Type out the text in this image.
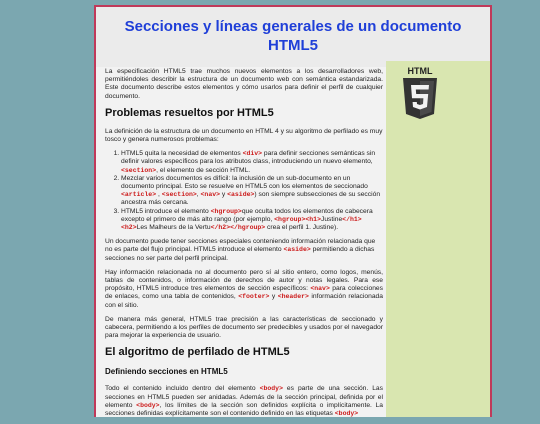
Secciones y líneas generales de un documento
HTML5

La especificación HTML5 trae muchos nuevos elementos a los desarrolladores web, permitiéndoles describir la estructura de un documento web con semántica estandarizada. Este documento describe estos elementos y cómo usarlos para definir el perfil de cualquier documento.

Problemas resueltos por HTML5

La definición de la estructura de un documento en HTML 4 y su algoritmo de perfilado es muy tosco y genera numerosos problemas:

1. HTML5 quita la necesidad de elementos <div> para definir secciones semánticas sin definir valores específicos para los atributos class, introduciendo un nuevo elemento, <section>, el elemento de sección HTML.
2. Mezclar varios documentos es difícil: la inclusión de un sub-documento en un documento principal. Esto se resuelve en HTML5 con los elementos de seccionado <article> , <section>, <nav> y <aside>) son siempre subsecciones de su sección ancestra más cercana.
3. HTML5 introduce el elemento <hgroup>que oculta todos los elementos de cabecera excepto el primero de más alto rango (por ejemplo, <hgroup><h1>Justine</h1> <h2>Les Malheurs de la Vertu</h2></hgroup> crea el perfil 1. Justine).

Un documento puede tener secciones especiales conteniendo información relacionada que no es parte del flujo principal. HTML5 introduce el elemento <aside> permitiendo a dichas secciones no ser parte del perfil principal.

Hay información relacionada no al documento pero sí al sitio entero, como logos, menús, tablas de contenidos, o información de derechos de autor y notas legales. Para ese propósito, HTML5 introduce tres elementos de sección específicos: <nav> para colecciones de enlaces, como una tabla de contenidos, <footer> y <header> información relacionada con el sitio.

De manera más general, HTML5 trae precisión a las características de seccionado y cabecera, permitiendo a los perfiles de documento ser predecibles y usados por el navegador para mejorar la experiencia de usuario.

El algoritmo de perfilado de HTML5
Definiendo secciones en HTML5

Todo el contenido incluido dentro del elemento <body> es parte de una sección. Las secciones en HTML5 pueden ser anidadas. Además de la sección principal, definida por el elemento <body>, los límites de la sección son definidos explícita o implícitamente. La secciones definidas explícitamente son el contenido definido en las etiquetas <body>

HTML
5
